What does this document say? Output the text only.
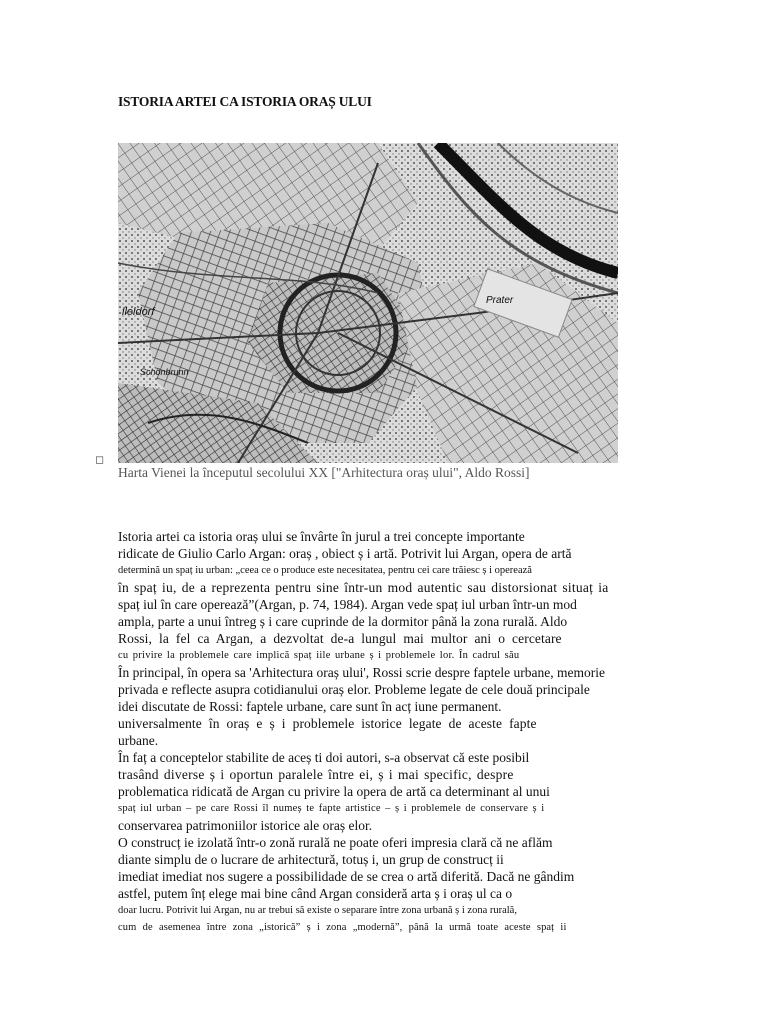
ISTORIA ARTEI CA ISTORIA ORAȘ ULUI
lleldorf
Schönbrunn
Prater
◻
Harta Vienei la începutul secolului XX ["Arhitectura oraș ului", Aldo Rossi]
Istoria artei ca istoria oraș ului se învârte în jurul a trei concepte importante
ridicate de Giulio Carlo Argan: oraș , obiect ș i artă. Potrivit lui Argan, opera de artă
determină un spaț iu urban: „ceea ce o produce este necesitatea, pentru cei care trăiesc ș i operează
în spaț iu, de a reprezenta pentru sine într-un mod autentic sau distorsionat situaț ia
spaț iul în care operează”(Argan, p. 74, 1984). Argan vede spaț iul urban într-un mod
ampla, parte a unui întreg ș i care cuprinde de la dormitor până la zona rurală. Aldo
Rossi, la fel ca Argan, a dezvoltat de-a lungul mai multor ani o cercetare
cu privire la problemele care implică spaț iile urbane ș i problemele lor. În cadrul său
În principal, în opera sa 'Arhitectura oraș ului', Rossi scrie despre faptele urbane, memorie
privada e reflecte asupra cotidianului oraș elor. Probleme legate de cele două principale
idei discutate de Rossi: faptele urbane, care sunt în acț iune permanent.
universalmente în oraș e ș i problemele istorice legate de aceste fapte
urbane.
În faț a conceptelor stabilite de aceș ti doi autori, s-a observat că este posibil
trasând diverse ș i oportun paralele între ei, ș i mai specific, despre
problematica ridicată de Argan cu privire la opera de artă ca determinant al unui
spaț iul urban – pe care Rossi îl numeș te fapte artistice – ș i problemele de conservare ș i
conservarea patrimoniilor istorice ale oraș elor.
O construcț ie izolată într-o zonă rurală ne poate oferi impresia clară că ne aflăm
diante simplu de o lucrare de arhitectură, totuș i, un grup de construcț ii
imediat imediat nos sugere a possibilidade de se crea o artă diferită. Dacă ne gândim
astfel, putem înț elege mai bine când Argan consideră arta ș i oraș ul ca o
doar lucru. Potrivit lui Argan, nu ar trebui să existe o separare între zona urbană ș i zona rurală,
cum de asemenea între zona „istorică” ș i zona „modernă”, până la urmă toate aceste spaț ii
